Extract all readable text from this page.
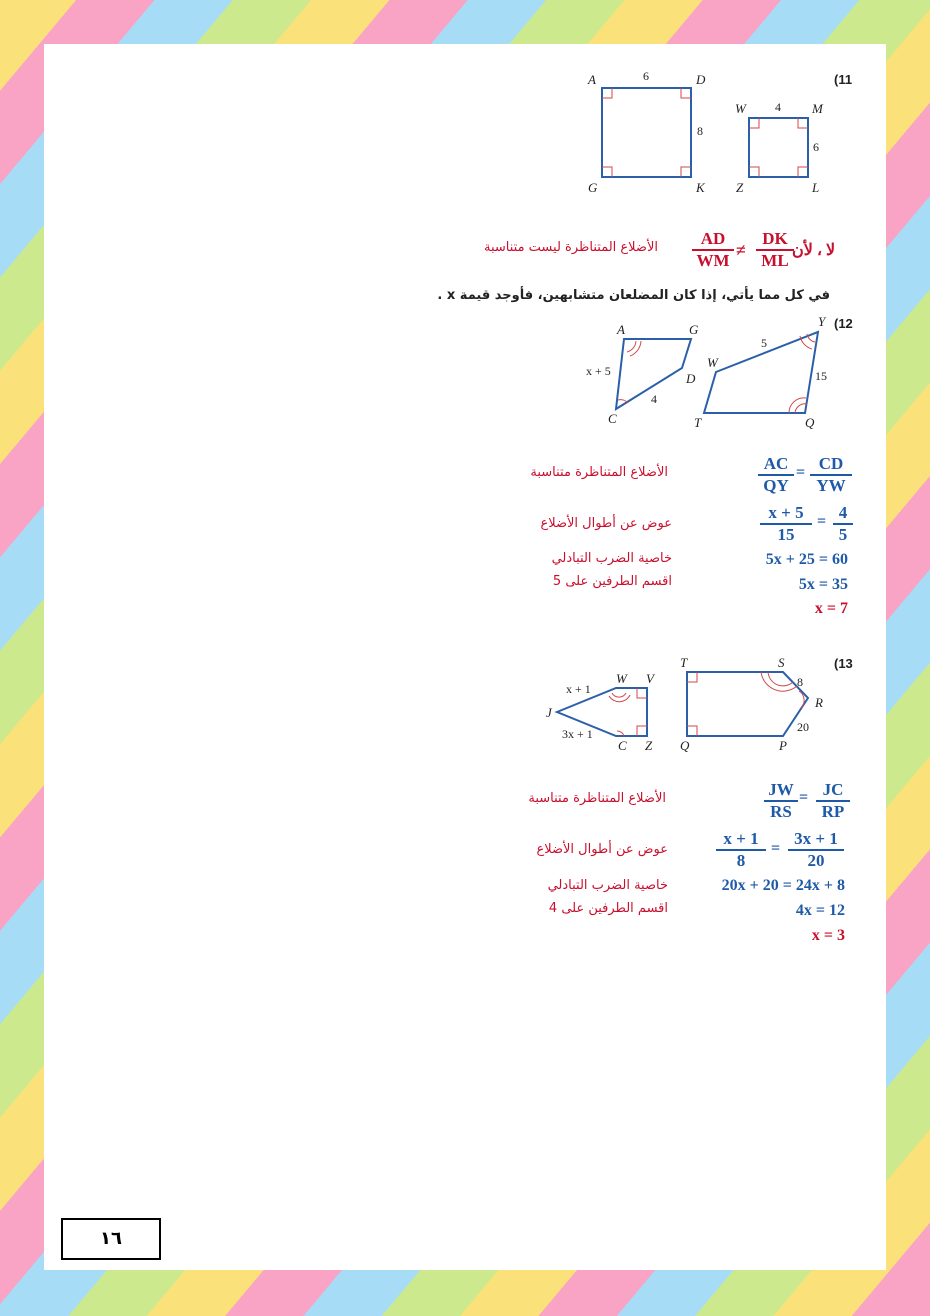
(11
A	D
G	K
6
8
W	M
Z	L
4
6
لا ، لأن
$\frac{DK}{ML}$
≠
$\frac{AD}{WM}$
الأضلاع المتناظرة ليست متناسبة
في كل مما يأتي، إذا كان المضلعان متشابهين، فأوجد قيمة x .
(12
A	G
D
C
x + 5
4
Y
W
T	Q
5
15
$\frac{CD}{YW}$
=
$\frac{AC}{QY}$
الأضلاع المتناظرة متناسبة
$\frac{4}{5}$
=
$\frac{x + 5}{15}$
عوض عن أطوال الأضلاع
5x + 25 = 60
خاصية الضرب التبادلي
5x = 35
اقسم الطرفين على 5
x = 7
(13
J
W V
C Z
x + 1
3x + 1
T	S
R
Q	P
8
20
$\frac{JC}{RP}$
=
$\frac{JW}{RS}$
الأضلاع المتناظرة متناسبة
$\frac{3x + 1}{20}$
=
$\frac{x + 1}{8}$
عوض عن أطوال الأضلاع
20x + 20 = 24x + 8
خاصية الضرب التبادلي
4x = 12
اقسم الطرفين على 4
x = 3
١٦
